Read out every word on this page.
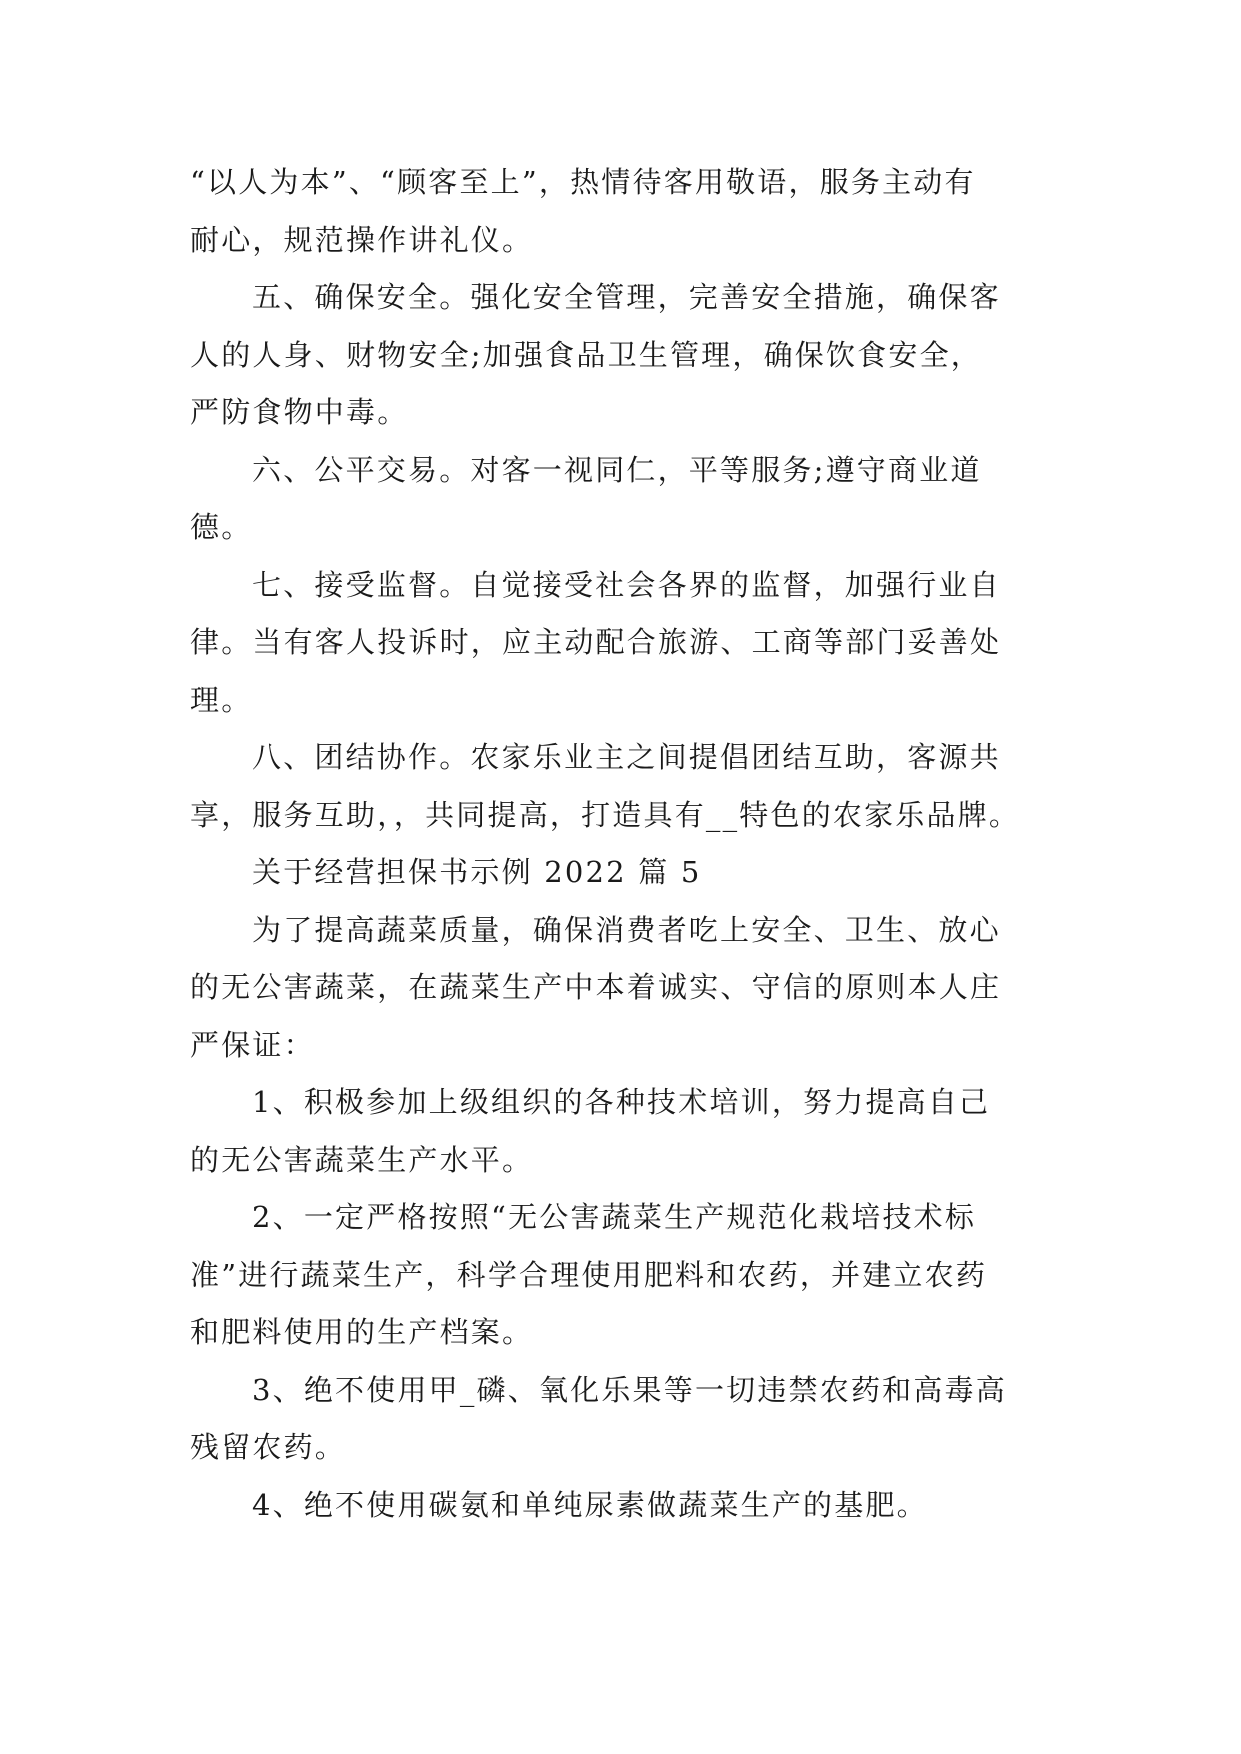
“以人为本”、“顾客至上”，热情待客用敬语，服务主动有
耐心，规范操作讲礼仪。
五、确保安全。强化安全管理，完善安全措施，确保客
人的人身、财物安全;加强食品卫生管理，确保饮食安全，
严防食物中毒。
六、公平交易。对客一视同仁，平等服务;遵守商业道
德。
七、接受监督。自觉接受社会各界的监督，加强行业自
律。当有客人投诉时，应主动配合旅游、工商等部门妥善处
理。
八、团结协作。农家乐业主之间提倡团结互助，客源共
享，服务互助，，共同提高，打造具有__特色的农家乐品牌。
关于经营担保书示例 2022 篇 5
为了提高蔬菜质量，确保消费者吃上安全、卫生、放心
的无公害蔬菜，在蔬菜生产中本着诚实、守信的原则本人庄
严保证：
1、积极参加上级组织的各种技术培训，努力提高自己
的无公害蔬菜生产水平。
2、一定严格按照“无公害蔬菜生产规范化栽培技术标
准”进行蔬菜生产，科学合理使用肥料和农药，并建立农药
和肥料使用的生产档案。
3、绝不使用甲_磷、氧化乐果等一切违禁农药和高毒高
残留农药。
4、绝不使用碳氨和单纯尿素做蔬菜生产的基肥。
